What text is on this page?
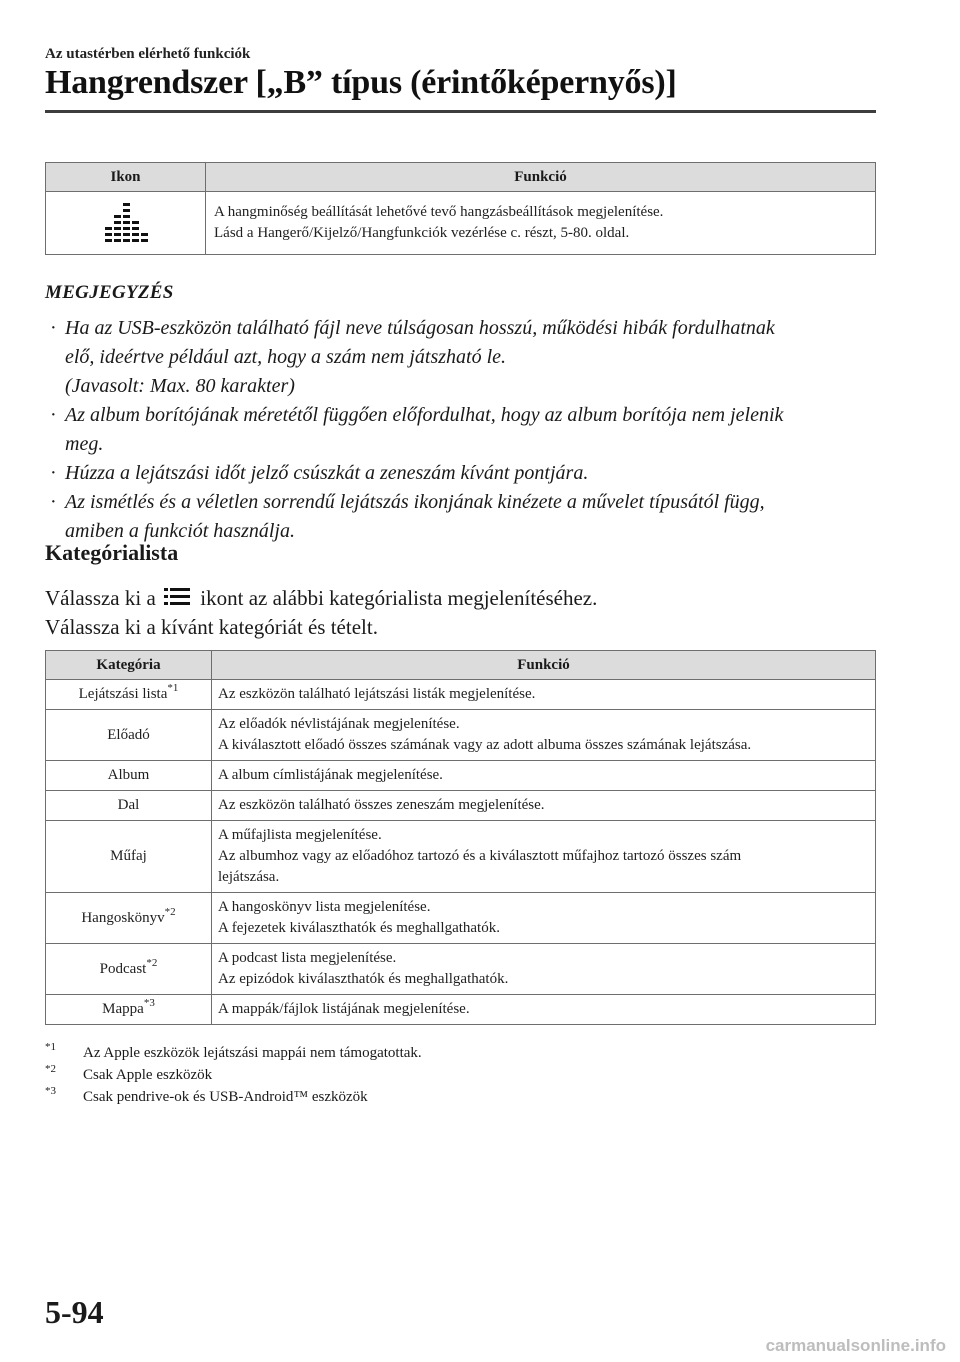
Az utastérben elérhető funkciók
Hangrendszer [„B” típus (érintőképernyős)]
Ikon	Funkció

A hangminőség beállítását lehetővé tevő hangzásbeállítások megjelenítése.
Lásd a Hangerő/Kijelző/Hangfunkciók vezérlése c. részt, 5-80. oldal.
MEGJEGYZÉS
· Ha az USB-eszközön található fájl neve túlságosan hosszú, működési hibák fordulhatnak
elő, ideértve például azt, hogy a szám nem játszható le.
(Javasolt: Max. 80 karakter)
· Az album borítójának méretétől függően előfordulhat, hogy az album borítója nem jelenik
meg.
· Húzza a lejátszási időt jelző csúszkát a zeneszám kívánt pontjára.
· Az ismétlés és a véletlen sorrendű lejátszás ikonjának kinézete a művelet típusától függ,
amiben a funkciót használja.
Kategórialista
Válassza ki a ikont az alábbi kategórialista megjelenítéséhez.
Válassza ki a kívánt kategóriát és tételt.
Kategória	Funkció
Lejátszási lista$^{*1}$	Az eszközön található lejátszási listák megjelenítése.

Előadó	Az előadók névlistájának megjelenítése.
A kiválasztott előadó összes számának vagy az adott albuma összes számának lejátszása.

Album	A album címlistájának megjelenítése.

Dal	Az eszközön található összes zeneszám megjelenítése.

Műfaj	A műfajlista megjelenítése.
Az albumhoz vagy az előadóhoz tartozó és a kiválasztott műfajhoz tartozó összes szám
lejátszása.

Hangoskönyv$^{*2}$	A hangoskönyv lista megjelenítése.
A fejezetek kiválaszthatók és meghallgathatók.

Podcast$^{*2}$	A podcast lista megjelenítése.
Az epizódok kiválaszthatók és meghallgathatók.

Mappa$^{*3}$	A mappák/fájlok listájának megjelenítése.
*1 Az Apple eszközök lejátszási mappái nem támogatottak.
*2 Csak Apple eszközök
*3 Csak pendrive-ok és USB-Android™ eszközök
5-94
carmanualsonline.info
